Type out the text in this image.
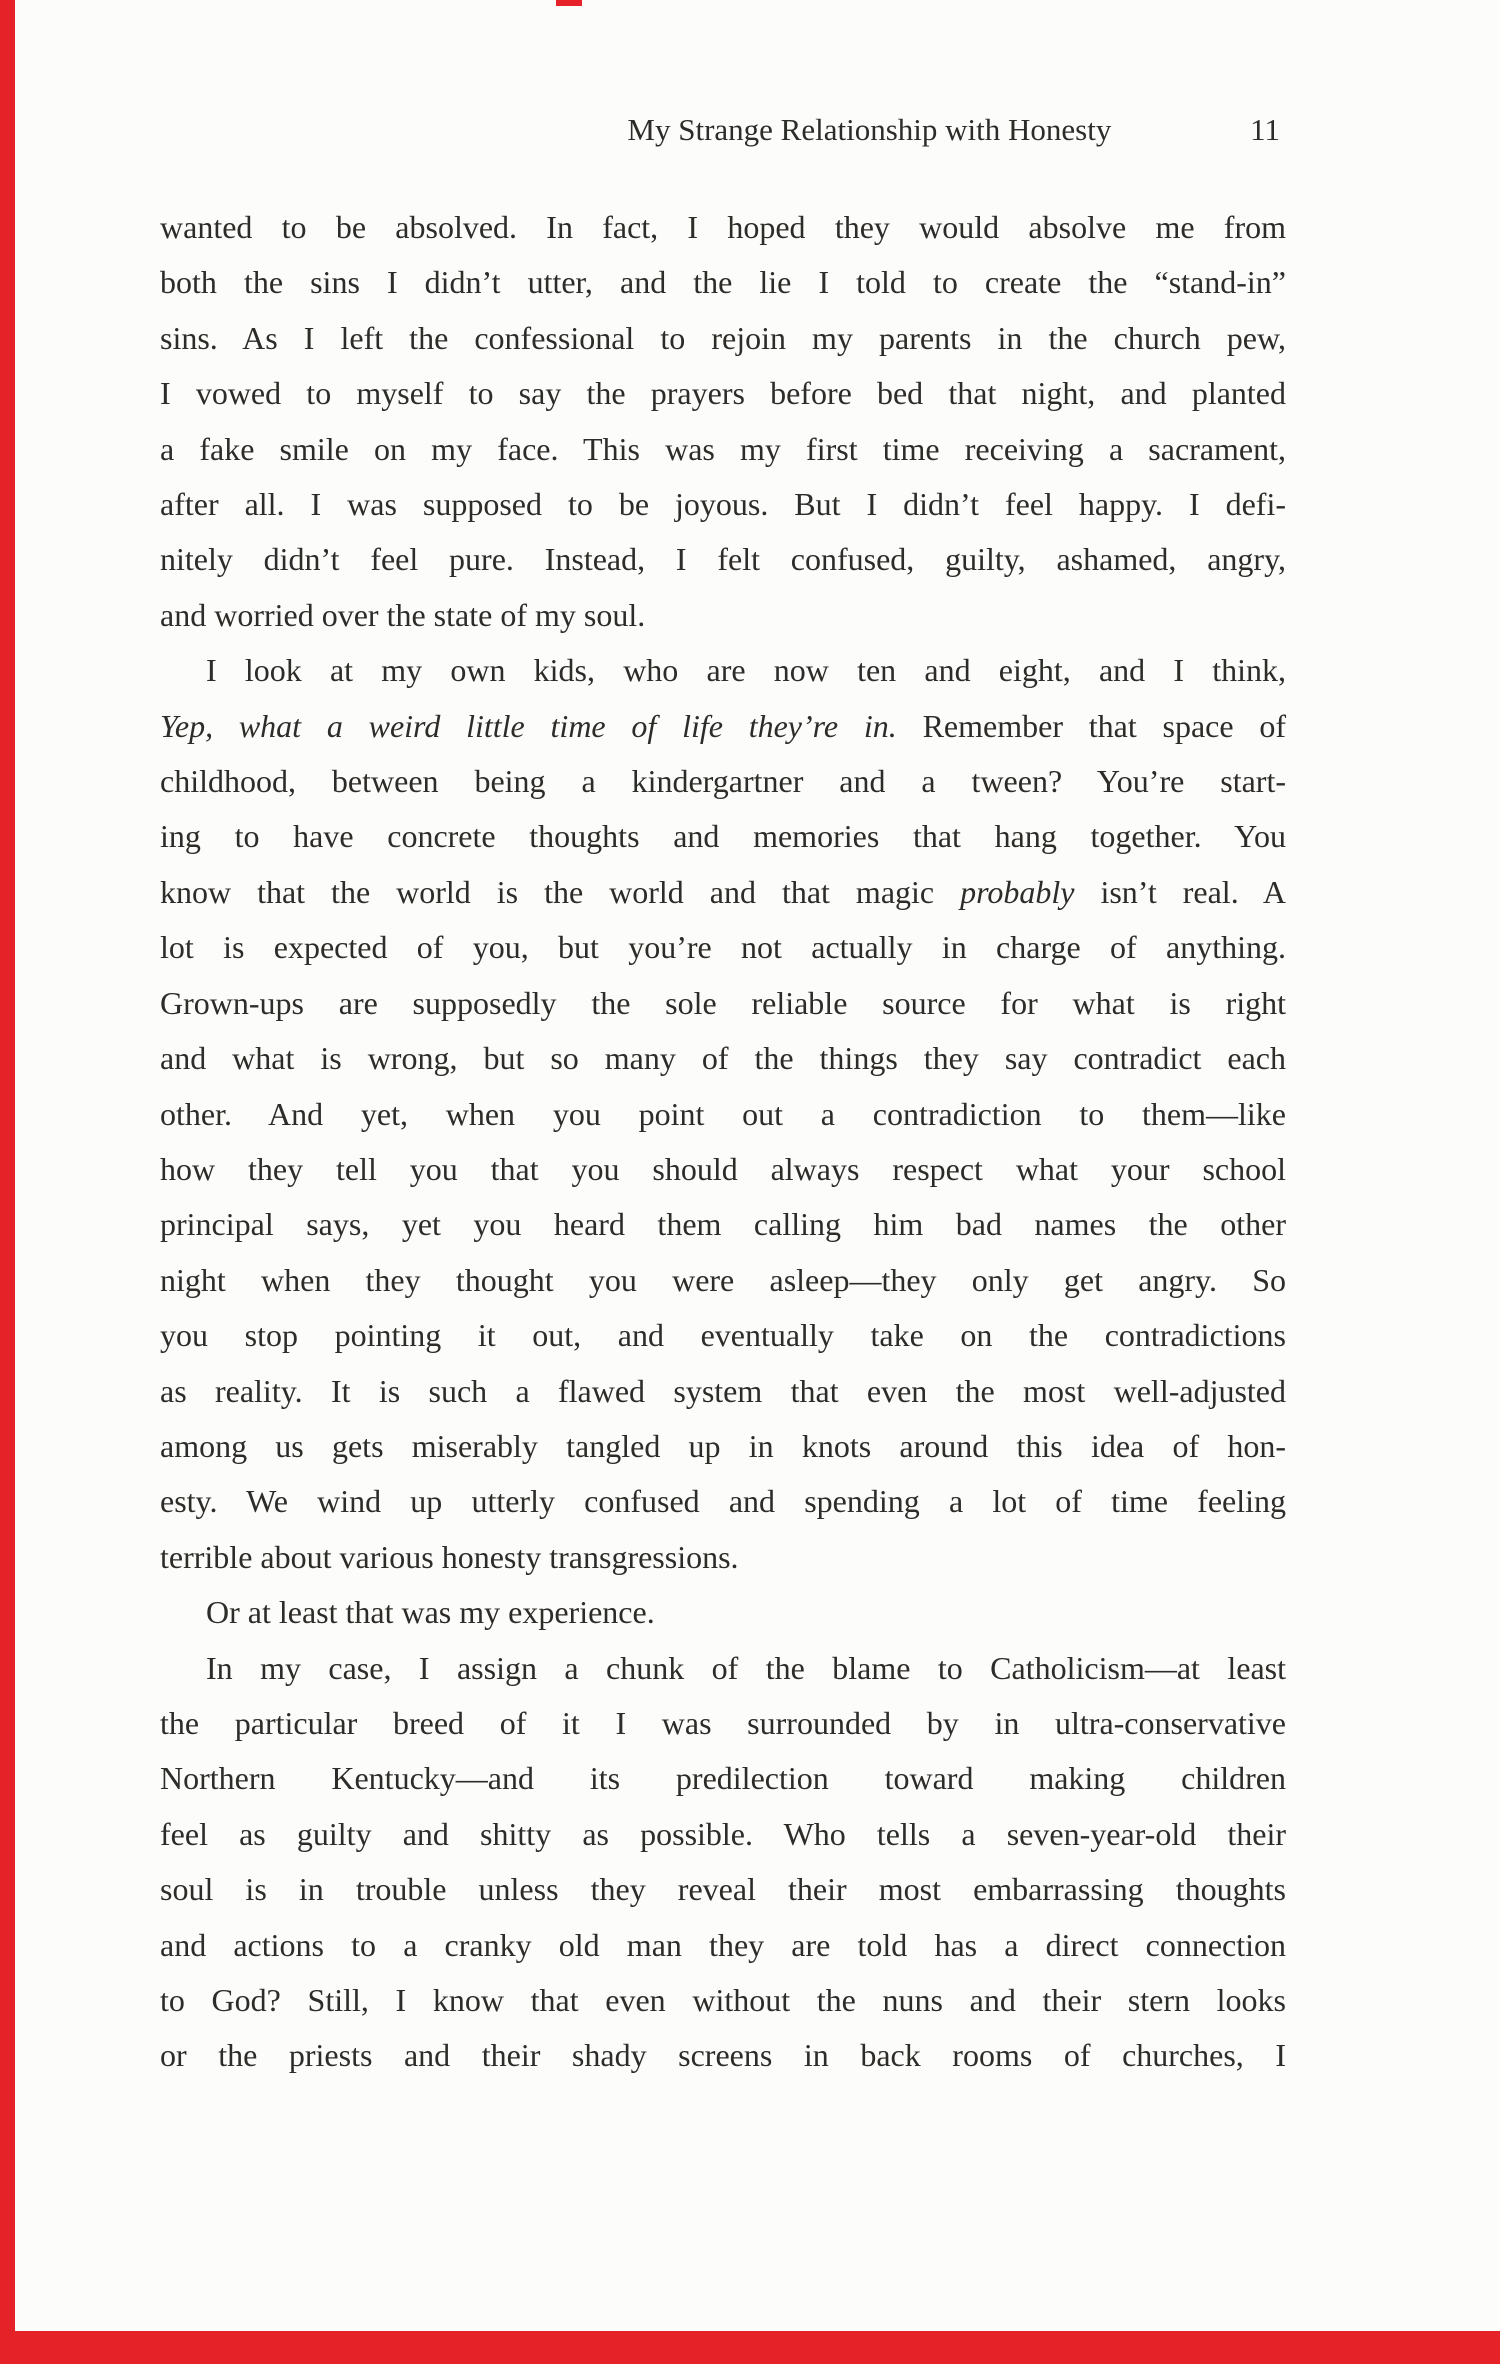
My Strange Relationship with Honesty	11
wanted to be absolved. In fact, I hoped they would absolve me from
both the sins I didn’t utter, and the lie I told to create the “stand-in”
sins. As I left the confessional to rejoin my parents in the church pew,
I vowed to myself to say the prayers before bed that night, and planted
a fake smile on my face. This was my first time receiving a sacrament,
after all. I was supposed to be joyous. But I didn’t feel happy. I defi-
nitely didn’t feel pure. Instead, I felt confused, guilty, ashamed, angry,
and worried over the state of my soul.
I look at my own kids, who are now ten and eight, and I think,
Yep, what a weird little time of life they’re in. Remember that space of
childhood, between being a kindergartner and a tween? You’re start-
ing to have concrete thoughts and memories that hang together. You
know that the world is the world and that magic probably isn’t real. A
lot is expected of you, but you’re not actually in charge of anything.
Grown-ups are supposedly the sole reliable source for what is right
and what is wrong, but so many of the things they say contradict each
other. And yet, when you point out a contradiction to them—like
how they tell you that you should always respect what your school
principal says, yet you heard them calling him bad names the other
night when they thought you were asleep—they only get angry. So
you stop pointing it out, and eventually take on the contradictions
as reality. It is such a flawed system that even the most well-adjusted
among us gets miserably tangled up in knots around this idea of hon-
esty. We wind up utterly confused and spending a lot of time feeling
terrible about various honesty transgressions.
Or at least that was my experience.
In my case, I assign a chunk of the blame to Catholicism—at least
the particular breed of it I was surrounded by in ultra-conservative
Northern Kentucky—and its predilection toward making children
feel as guilty and shitty as possible. Who tells a seven-year-old their
soul is in trouble unless they reveal their most embarrassing thoughts
and actions to a cranky old man they are told has a direct connection
to God? Still, I know that even without the nuns and their stern looks
or the priests and their shady screens in back rooms of churches, I
